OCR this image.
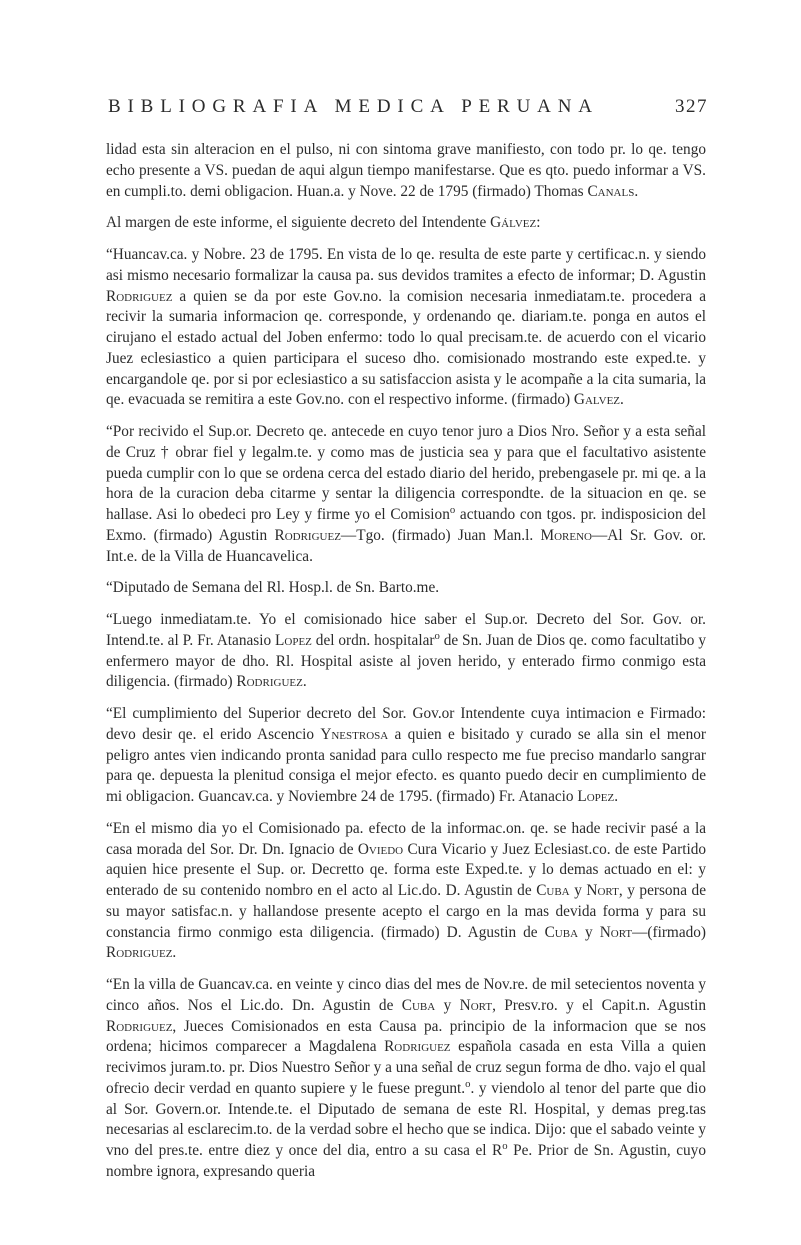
BIBLIOGRAFIA MEDICA PERUANA	327

lidad esta sin alteracion en el pulso, ni con sintoma grave manifiesto, con todo pr. lo qe. tengo echo presente a VS. puedan de aqui algun tiempo manifestarse. Que es qto. puedo informar a VS. en cumpli.to. demi obligacion. Huan.a. y Nove. 22 de 1795 (firmado) Thomas Canals.

Al margen de este informe, el siguiente decreto del Intendente Gálvez:

“Huancav.ca. y Nobre. 23 de 1795. En vista de lo qe. resulta de este parte y certificac.n. y siendo asi mismo necesario formalizar la causa pa. sus devidos tramites a efecto de informar; D. Agustin Rodriguez a quien se da por este Gov.no. la comision necesaria inmediatam.te. procedera a recivir la sumaria informacion qe. corresponde, y ordenando qe. diariam.te. ponga en autos el cirujano el estado actual del Joben enfermo: todo lo qual precisam.te. de acuerdo con el vicario Juez eclesiastico a quien participara el suceso dho. comisionado mostrando este exped.te. y encargandole qe. por si por eclesiastico a su satisfaccion asista y le acompañe a la cita sumaria, la qe. evacuada se remitira a este Gov.no. con el respectivo informe. (firmado) Galvez.

“Por recivido el Sup.or. Decreto qe. antecede en cuyo tenor juro a Dios Nro. Señor y a esta señal de Cruz † obrar fiel y legalm.te. y como mas de justicia sea y para que el facultativo asistente pueda cumplir con lo que se ordena cerca del estado diario del herido, prebengasele pr. mi qe. a la hora de la curacion deba citarme y sentar la diligencia correspondte. de la situacion en qe. se hallase. Asi lo obedeci pro Ley y firme yo el Comision$^o$ actuando con tgos. pr. indisposicion del Exmo. (firmado) Agustin Rodriguez—Tgo. (firmado) Juan Man.l. Moreno—Al Sr. Gov. or. Int.e. de la Villa de Huancavelica.

“Diputado de Semana del Rl. Hosp.l. de Sn. Barto.me.

“Luego inmediatam.te. Yo el comisionado hice saber el Sup.or. Decreto del Sor. Gov. or. Intend.te. al P. Fr. Atanasio Lopez del ordn. hospitalar$^o$ de Sn. Juan de Dios qe. como facultatibo y enfermero mayor de dho. Rl. Hospital asiste al joven herido, y enterado firmo conmigo esta diligencia. (firmado) Rodriguez.

“El cumplimiento del Superior decreto del Sor. Gov.or Intendente cuya intimacion e Firmado: devo desir qe. el erido Ascencio Ynestrosa a quien e bisitado y curado se alla sin el menor peligro antes vien indicando pronta sanidad para cullo respecto me fue preciso mandarlo sangrar para qe. depuesta la plenitud consiga el mejor efecto. es quanto puedo decir en cumplimiento de mi obligacion. Guancav.ca. y Noviembre 24 de 1795. (firmado) Fr. Atanacio Lopez.

“En el mismo dia yo el Comisionado pa. efecto de la informac.on. qe. se hade recivir pasé a la casa morada del Sor. Dr. Dn. Ignacio de Oviedo Cura Vicario y Juez Eclesiast.co. de este Partido aquien hice presente el Sup. or. Decretto qe. forma este Exped.te. y lo demas actuado en el: y enterado de su contenido nombro en el acto al Lic.do. D. Agustin de Cuba y Nort, y persona de su mayor satisfac.n. y hallandose presente acepto el cargo en la mas devida forma y para su constancia firmo conmigo esta diligencia. (firmado) D. Agustin de Cuba y Nort—(firmado) Rodriguez.

“En la villa de Guancav.ca. en veinte y cinco dias del mes de Nov.re. de mil setecientos noventa y cinco años. Nos el Lic.do. Dn. Agustin de Cuba y Nort, Presv.ro. y el Capit.n. Agustin Rodriguez, Jueces Comisionados en esta Causa pa. principio de la informacion que se nos ordena; hicimos comparecer a Magdalena Rodriguez española casada en esta Villa a quien recivimos juram.to. pr. Dios Nuestro Señor y a una señal de cruz segun forma de dho. vajo el qual ofrecio decir verdad en quanto supiere y le fuese pregunt.$^o$. y viendolo al tenor del parte que dio al Sor. Govern.or. Intende.te. el Diputado de semana de este Rl. Hospital, y demas preg.tas necesarias al esclarecim.to. de la verdad sobre el hecho que se indica. Dijo: que el sabado veinte y vno del pres.te. entre diez y once del dia, entro a su casa el $R^o$ Pe. Prior de Sn. Agustin, cuyo nombre ignora, expresando queria
